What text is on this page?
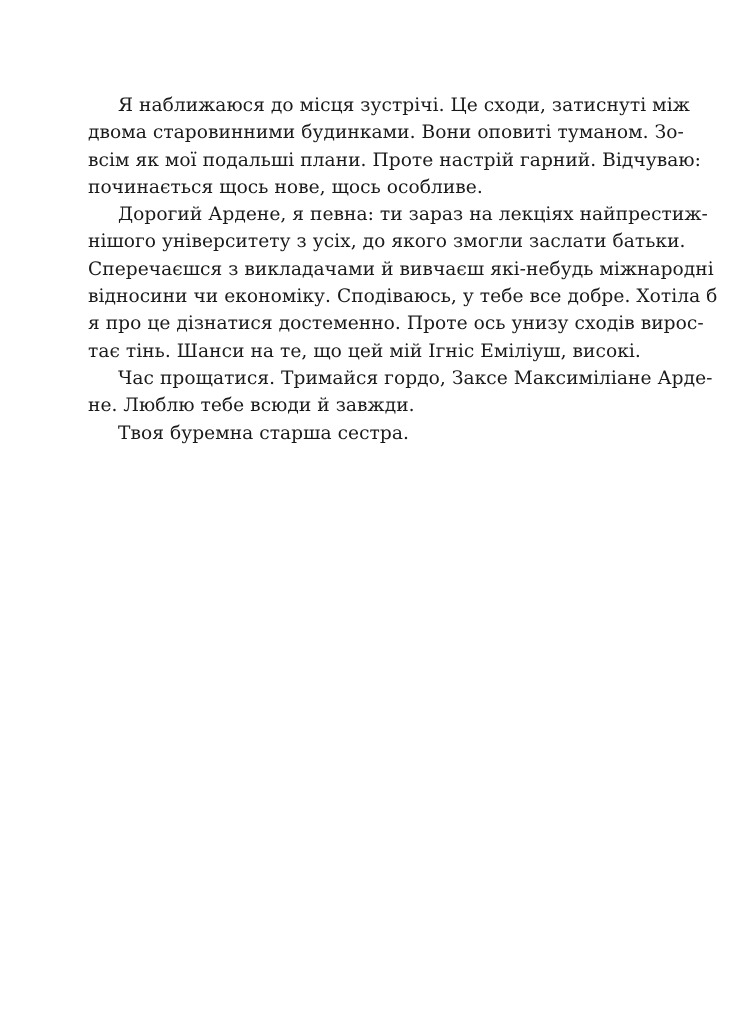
Я наближаюся до місця зустрічі. Це сходи, затиснуті між
двома старовинними будинками. Вони оповиті туманом. Зо-
всім як мої подальші плани. Проте настрій гарний. Відчуваю:
починається щось нове, щось особливе.
Дорогий Ардене, я певна: ти зараз на лекціях найпрестиж-
нішого університету з усіх, до якого змогли заслати батьки.
Сперечаєшся з викладачами й вивчаєш які-небудь міжнародні
відносини чи економіку. Сподіваюсь, у тебе все добре. Хотіла б
я про це дізнатися достеменно. Проте ось унизу сходів вирос-
тає тінь. Шанси на те, що цей мій Ігніс Еміліуш, високі.
Час прощатися. Тримайся гордо, Заксе Максиміліане Арде-
не. Люблю тебе всюди й завжди.
Твоя буремна старша сестра.
